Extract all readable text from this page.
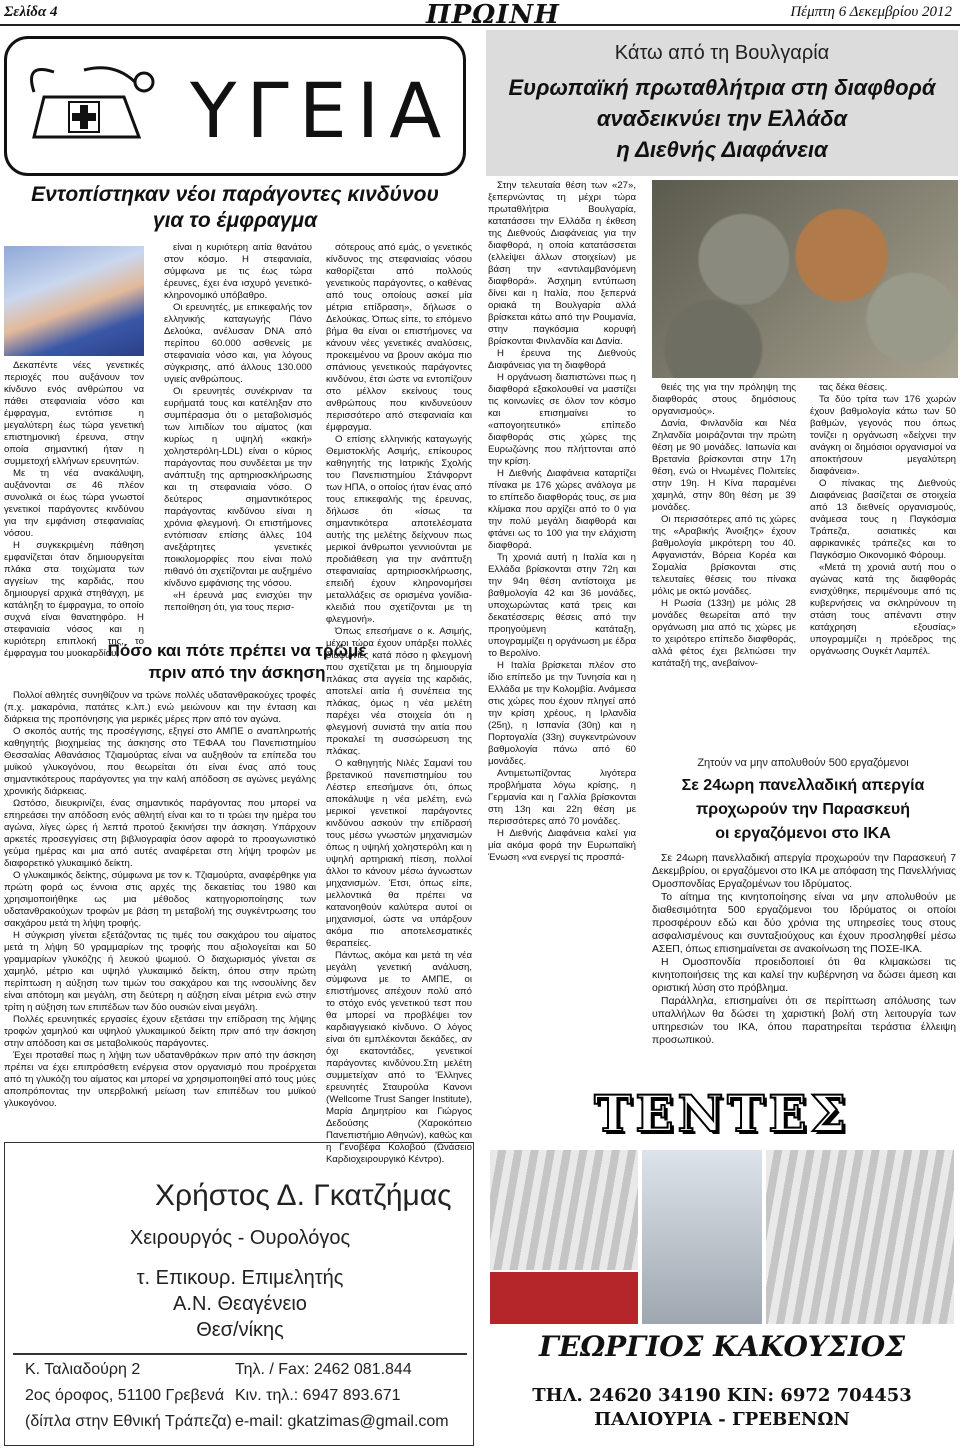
Σελίδα 4	ΠΡΩΙΝΗ	Πέμπτη 6 Δεκεμβρίου 2012
ΥΓΕΙΑ
Εντοπίστηκαν νέοι παράγοντες κινδύνου
για το έμφραγμα

Δεκαπέντε νέες γενετικές περιοχές που αυξάνουν τον κίνδυνο ενός ανθρώπου να πάθει στεφανιαία νόσο και έμφραγμα, εντόπισε η μεγαλύτερη έως τώρα γενετική επιστημονική έρευνα, στην οποία σημαντική ήταν η συμμετοχή ελλήνων ερευνητών.

Με τη νέα ανακάλυψη, αυξάνονται σε 46 πλέον συνολικά οι έως τώρα γνωστοί γενετικοί παράγοντες κινδύνου για την εμφάνιση στεφανιαίας νόσου.

Η συγκεκριμένη πάθηση εμφανίζεται όταν δημιουργείται πλάκα στα τοιχώματα των αγγείων της καρδιάς, που δημιουργεί αρχικά στηθάγχη, με κατάληξη το έμφραγμα, το οποίο συχνά είναι θανατηφόρο. Η στεφανιαία νόσος και η κυριότερη επιπλοκή της, το έμφραγμα του μυοκαρδίου,

είναι η κυριότερη αιτία θανάτου στον κόσμο. Η στεφανιαία, σύμφωνα με τις έως τώρα έρευνες, έχει ένα ισχυρό γενετικό-κληρονομικό υπόβαθρο.

Οι ερευνητές, με επικεφαλής τον ελληνικής καταγωγής Πάνο Δελούκα, ανέλυσαν DNA από περίπου 60.000 ασθενείς με στεφανιαία νόσο και, για λόγους σύγκρισης, από άλλους 130.000 υγιείς ανθρώπους.

Οι ερευνητές συνέκριναν τα ευρήματά τους και κατέληξαν στο συμπέρασμα ότι ο μεταβολισμός των λιπιδίων του αίματος (και κυρίως η υψηλή «κακή» χοληστερόλη-LDL) είναι ο κύριος παράγοντας που συνδέεται με την ανάπτυξη της αρτηριοσκλήρωσης και τη στεφανιαία νόσο. Ο δεύτερος σημαντικότερος παράγοντας κινδύνου είναι η χρόνια φλεγμονή. Οι επιστήμονες εντόπισαν επίσης άλλες 104 ανεξάρτητες γενετικές ποικιλομορφίες που είναι πολύ πιθανό ότι σχετίζονται με αυξημένο κίνδυνο εμφάνισης της νόσου.

«Η έρευνά μας ενισχύει την πεποίθηση ότι, για τους περισ-

σότερους από εμάς, ο γενετικός κίνδυνος της στεφανιαίας νόσου καθορίζεται από πολλούς γενετικούς παράγοντες, ο καθένας από τους οποίους ασκεί μία μέτρια επίδραση», δήλωσε ο Δελούκας. Όπως είπε, το επόμενο βήμα θα είναι οι επιστήμονες να κάνουν νέες γενετικές αναλύσεις, προκειμένου να βρουν ακόμα πιο σπάνιους γενετικούς παράγοντες κινδύνου, έτσι ώστε να εντοπίζουν στο μέλλον εκείνους τους ανθρώπους που κινδυνεύουν περισσότερο από στεφανιαία και έμφραγμα.

Ο επίσης ελληνικής καταγωγής Θεμιστοκλής Ασιμής, επίκουρος καθηγητής της Ιατρικής Σχολής του Πανεπιστημίου Στάνφορντ των ΗΠΑ, ο οποίος ήταν ένας από τους επικεφαλής της έρευνας, δήλωσε ότι «ίσως τα σημαντικότερα αποτελέσματα αυτής της μελέτης δείχνουν πως μερικοί άνθρωποι γεννιούνται με προδιάθεση για την ανάπτυξη στεφανιαίας αρτηριοσκλήρωσης, επειδή έχουν κληρονομήσει μεταλλάξεις σε ορισμένα γονίδια-κλειδιά που σχετίζονται με τη φλεγμονή».

Όπως επεσήμανε ο κ. Ασιμής, μέχρι τώρα έχουν υπάρξει πολλές διαφωνίες κατά πόσο η φλεγμονή που σχετίζεται με τη δημιουργία πλάκας στα αγγεία της καρδιάς, αποτελεί αιτία ή συνέπεια της πλάκας, όμως η νέα μελέτη παρέχει νέα στοιχεία ότι η φλεγμονή συνιστά την αιτία που προκαλεί τη συσσώρευση της πλάκας.

Ο καθηγητής Νιλές Σαμανί του βρετανικού πανεπιστημίου του Λέστερ επεσήμανε ότι, όπως αποκάλυψε η νέα μελέτη, ενώ μερικοί γενετικοί παράγοντες κινδύνου ασκούν την επίδρασή τους μέσω γνωστών μηχανισμών όπως η υψηλή χοληστερόλη και η υψηλή αρτηριακή πίεση, πολλοί άλλοι το κάνουν μέσω άγνωστων μηχανισμών. Έτσι, όπως είπε, μελλοντικά θα πρέπει να κατανοηθούν καλύτερα αυτοί οι μηχανισμοί, ώστε να υπάρξουν ακόμα πιο αποτελεσματικές θεραπείες.

Πάντως, ακόμα και μετά τη νέα μεγάλη γενετική ανάλυση, σύμφωνα με το ΑΜΠΕ, οι επιστήμονες απέχουν πολύ από το στόχο ενός γενετικού τεστ που θα μπορεί να προβλέψει τον καρδιαγγειακό κίνδυνο. Ο λόγος είναι ότι εμπλέκονται δεκάδες, αν όχι εκατοντάδες, γενετικοί παράγοντες κινδύνου.Στη μελέτη συμμετείχαν από το 'Ελληνες ερευνητές Σταυρούλα Κανονι (Wellcome Trust Sanger Institute), Μαρία Δημητρίου και Γιώργος Δεδούσης (Χαροκόπειο Πανεπιστήμιο Αθηνών), καθώς και η Γενοβέφα Κολοβού (Ωνάσειο Καρδιοχειρουργικό Κέντρο).

Πόσο και πότε πρέπει να τρώμε
πριν από την άσκηση

Πολλοί αθλητές συνηθίζουν να τρώνε πολλές υδατανθρακούχες τροφές (π.χ. μακαρόνια, πατάτες κ.λπ.) ενώ μειώνουν και την ένταση και διάρκεια της προπόνησης για μερικές μέρες πριν από τον αγώνα.

Ο σκοπός αυτής της προσέγγισης, εξηγεί στο ΑΜΠΕ ο αναπληρωτής καθηγητής βιοχημείας της άσκησης στο ΤΕΦΑΑ του Πανεπιστημίου Θεσσαλίας Αθανάσιος Τζιαμούρτας είναι να αυξηθούν τα επίπεδα του μυϊκού γλυκογόνου, που θεωρείται ότι είναι ένας από τους σημαντικότερους παράγοντες για την καλή απόδοση σε αγώνες μεγάλης χρονικής διάρκειας.

Ωστόσο, διευκρινίζει, ένας σημαντικός παράγοντας που μπορεί να επηρεάσει την απόδοση ενός αθλητή είναι και το τι τρώει την ημέρα του αγώνα, λίγες ώρες ή λεπτά προτού ξεκινήσει την άσκηση. Υπάρχουν αρκετές προσεγγίσεις στη βιβλιογραφία όσον αφορά το προαγωνιστικό γεύμα ημέρας και μια από αυτές αναφέρεται στη λήψη τροφών με διαφορετικό γλυκαιμικό δείκτη.

Ο γλυκαιμικός δείκτης, σύμφωνα με τον κ. Τζιαμούρτα, αναφέρθηκε για πρώτη φορά ως έννοια στις αρχές της δεκαετίας του 1980 και χρησιμοποιήθηκε ως μια μέθοδος κατηγοριοποίησης των υδατανθρακούχων τροφών με βάση τη μεταβολή της συγκέντρωσης του σακχάρου μετά τη λήψη τροφής.

Η σύγκριση γίνεται εξετάζοντας τις τιμές του σακχάρου του αίματος μετά τη λήψη 50 γραμμαρίων της τροφής που αξιολογείται και 50 γραμμαρίων γλυκόζης ή λευκού ψωμιού. Ο διαχωρισμός γίνεται σε χαμηλό, μέτριο και υψηλό γλυκαιμικό δείκτη, όπου στην πρώτη περίπτωση η αύξηση των τιμών του σακχάρου και της ινσουλίνης δεν είναι απότομη και μεγάλη, στη δεύτερη η αύξηση είναι μέτρια ενώ στην τρίτη η αύξηση των επιπέδων των δύο ουσιών είναι μεγάλη.

Πολλές ερευνητικές εργασίες έχουν εξετάσει την επίδραση της λήψης τροφών χαμηλού και υψηλού γλυκαιμικού δείκτη πριν από την άσκηση στην απόδοση και σε μεταβολικούς παράγοντες.

Έχει προταθεί πως η λήψη των υδατανθράκων πριν από την άσκηση πρέπει να έχει επιπρόσθετη ενέργεια στον οργανισμό που προέρχεται από τη γλυκόζη του αίματος και μπορεί να χρησιμοποιηθεί από τους μύες αποπρόποντας την υπερβολική μείωση των επιπέδων του μυϊκού γλυκογόνου.

Κάτω από τη Βουλγαρία
Ευρωπαϊκή πρωταθλήτρια στη διαφθορά
αναδεικνύει την Ελλάδα
η Διεθνής Διαφάνεια

Στην τελευταία θέση των «27», ξεπερνώντας τη μέχρι τώρα πρωταθλήτρια Βουλγαρία, κατατάσσει την Ελλάδα η έκθεση της Διεθνούς Διαφάνειας για την διαφθορά, η οποία κατατάσσεται (ελλείψει άλλων στοιχείων) με βάση την «αντιλαμβανόμενη διαφθορά». Άσχημη εντύπωση δίνει και η Ιταλία, που ξεπερνά οριακά τη Βουλγαρία αλλά βρίσκεται κάτω από την Ρουμανία, στην παγκόσμια κορυφή βρίσκονται Φινλανδία και Δανία.

Η έρευνα της Διεθνούς Διαφάνειας για τη διαφθορά

Η οργάνωση διαπιστώνει πως η διαφθορά εξακολουθεί να μαστίζει τις κοινωνίες σε όλον τον κόσμο και επισημαίνει το «απογοητευτικό» επίπεδο διαφθοράς στις χώρες της Ευρωζώνης που πλήττονται από την κρίση.

Η Διεθνής Διαφάνεια καταρτίζει πίνακα με 176 χώρες ανάλογα με το επίπεδο διαφθοράς τους, σε μια κλίμακα που αρχίζει από το 0 για την πολύ μεγάλη διαφθορά και φτάνει ως το 100 για την ελάχιστη διαφθορά.

Τη χρονιά αυτή η Ιταλία και η Ελλάδα βρίσκονται στην 72η και την 94η θέση αντίστοιχα με βαθμολογία 42 και 36 μονάδες, υποχωρώντας κατά τρεις και δεκατέσσερις θέσεις από την προηγούμενη κατάταξη, υπογραμμίζει η οργάνωση με έδρα το Βερολίνο.

Η Ιταλία βρίσκεται πλέον στο ίδιο επίπεδο με την Τυνησία και η Ελλάδα με την Κολομβία. Ανάμεσα στις χώρες που έχουν πληγεί από την κρίση χρέους, η Ιρλανδία (25η), η Ισπανία (30η) και η Πορτογαλία (33η) συγκεντρώνουν βαθμολογία πάνω από 60 μονάδες.

Αντιμετωπίζοντας λιγότερα προβλήματα λόγω κρίσης, η Γερμανία και η Γαλλία βρίσκονται στη 13η και 22η θέση με περισσότερες από 70 μονάδες.

Η Διεθνής Διαφάνεια καλεί για μία ακόμα φορά την Ευρωπαϊκή Ένωση «να ενεργεί τις προσπά-

θειές της για την πρόληψη της διαφθοράς στους δημόσιους οργανισμούς».

Δανία, Φινλανδία και Νέα Ζηλανδία μοιράζονται την πρώτη θέση με 90 μονάδες. Ιαπωνία και Βρετανία βρίσκονται στην 17η θέση, ενώ οι Ηνωμένες Πολιτείες στην 19η. Η Κίνα παραμένει χαμηλά, στην 80η θέση με 39 μονάδες.

Οι περισσότερες από τις χώρες της «Αραβικής Άνοιξης» έχουν βαθμολογία μικρότερη του 40. Αφγανιστάν, Βόρεια Κορέα και Σομαλία βρίσκονται στις τελευταίες θέσεις του πίνακα μόλις με οκτώ μονάδες.

Η Ρωσία (133η) με μόλις 28 μονάδες θεωρείται από την οργάνωση μια από τις χώρες με το χειρότερο επίπεδο διαφθοράς, αλλά φέτος έχει βελτιώσει την κατάταξή της, ανεβαίνον-

τας δέκα θέσεις.

Τα δύο τρίτα των 176 χωρών έχουν βαθμολογία κάτω των 50 βαθμών, γεγονός που όπως τονίζει η οργάνωση «δείχνει την ανάγκη οι δημόσιοι οργανισμοί να αποκτήσουν μεγαλύτερη διαφάνεια».

Ο πίνακας της Διεθνούς Διαφάνειας βασίζεται σε στοιχεία από 13 διεθνείς οργανισμούς, ανάμεσα τους η Παγκόσμια Τράπεζα, ασιατικές και αφρικανικές τράπεζες και το Παγκόσμιο Οικονομικό Φόρουμ.

«Μετά τη χρονιά αυτή που ο αγώνας κατά της διαφθοράς ενισχύθηκε, περιμένουμε από τις κυβερνήσεις να σκληρύνουν τη στάση τους απέναντι στην κατάχρηση εξουσίας» υπογραμμίζει η πρόεδρος της οργάνωσης Ουγκέτ Λαμπέλ.

Ζητούν να μην απολυθούν 500 εργαζόμενοι
Σε 24ωρη πανελλαδική απεργία
προχωρούν την Παρασκευή
οι εργαζόμενοι στο ΙΚΑ

Σε 24ωρη πανελλαδική απεργία προχωρούν την Παρασκευή 7 Δεκεμβρίου, οι εργαζόμενοι στο ΙΚΑ με απόφαση της Πανελλήνιας Ομοσπονδίας Εργαζομένων του Ιδρύματος.

Το αίτημα της κινητοποίησης είναι να μην απολυθούν με διαθεσιμότητα 500 εργαζόμενοι του Ιδρύματος οι οποίοι προσφέρουν εδώ και δύο χρόνια της υπηρεσίες τους στους ασφαλισμένους και συνταξιούχους και έχουν προσληφθεί μέσω ΑΣΕΠ, όπως επισημαίνεται σε ανακοίνωση της ΠΟΣΕ-ΙΚΑ.

Η Ομοσπονδία προειδοποιεί ότι θα κλιμακώσει τις κινητοποιήσεις της και καλεί την κυβέρνηση να δώσει άμεση και οριστική λύση στο πρόβλημα.

Παράλληλα, επισημαίνει ότι σε περίπτωση απόλυσης των υπαλλήλων θα δώσει τη χαριστική βολή στη λειτουργία των υπηρεσιών του ΙΚΑ, όπου παρατηρείται τεράστια έλλειψη προσωπικού.

Χρήστος Δ. Γκατζήμας
Χειρουργός - Ουρολόγος
τ. Επικουρ. Επιμελητής
Α.Ν. Θεαγένειο
Θεσ/νίκης
Κ. Ταλιαδούρη 2
2ος όροφος, 51100 Γρεβενά
(δίπλα στην Εθνική Τράπεζα)
Τηλ. / Fax: 2462 081.844
Κιν. τηλ.: 6947 893.671
e-mail: gkatzimas@gmail.com
ΤΕΝΤΕΣ
ΓΕΩΡΓΙΟΣ ΚΑΚΟΥΣΙΟΣ
ΤΗΛ. 24620 34190 ΚΙΝ: 6972 704453
ΠΑΛΙΟΥΡΙΑ - ΓΡΕΒΕΝΩΝ
